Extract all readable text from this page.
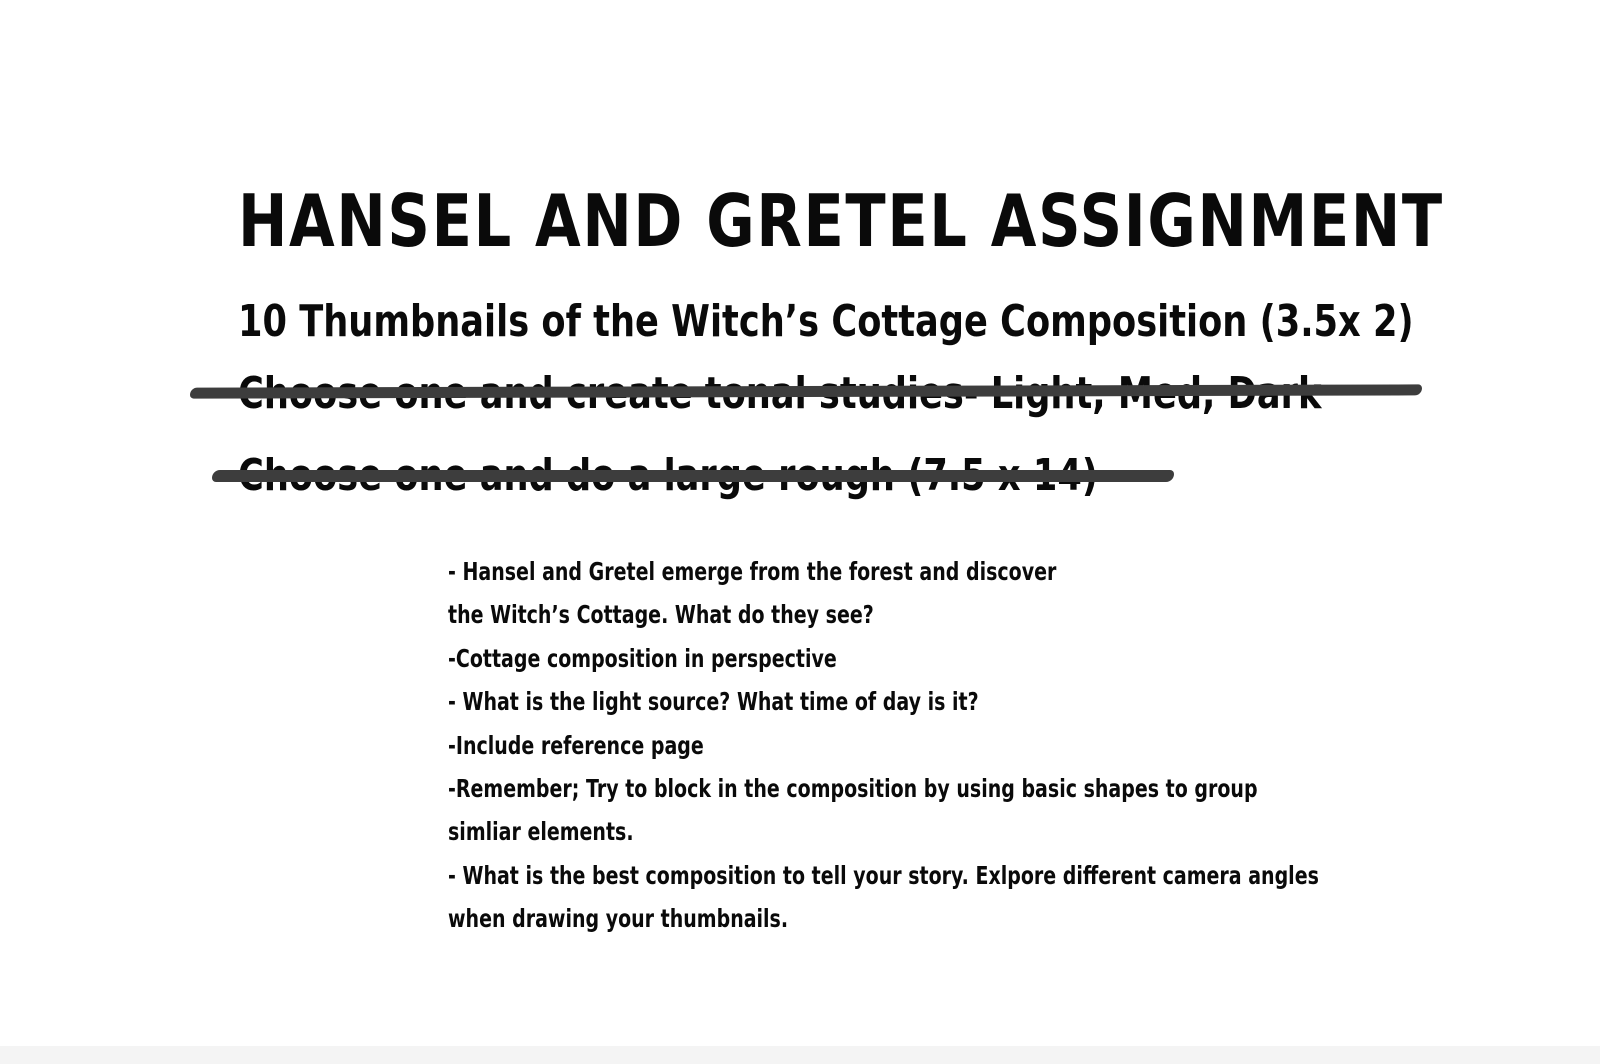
HANSEL AND GRETEL ASSIGNMENT

10 Thumbnails of the Witch’s Cottage Composition (3.5x 2)

- Hansel and Gretel emerge from the forest and discover
the Witch’s Cottage. What do they see?
-Cottage composition in perspective
- What is the light source? What time of day is it?
-Include reference page
-Remember; Try to block in the composition by using basic shapes to group
simliar elements.
- What is the best composition to tell your story. Exlpore different camera angles
when drawing your thumbnails.
